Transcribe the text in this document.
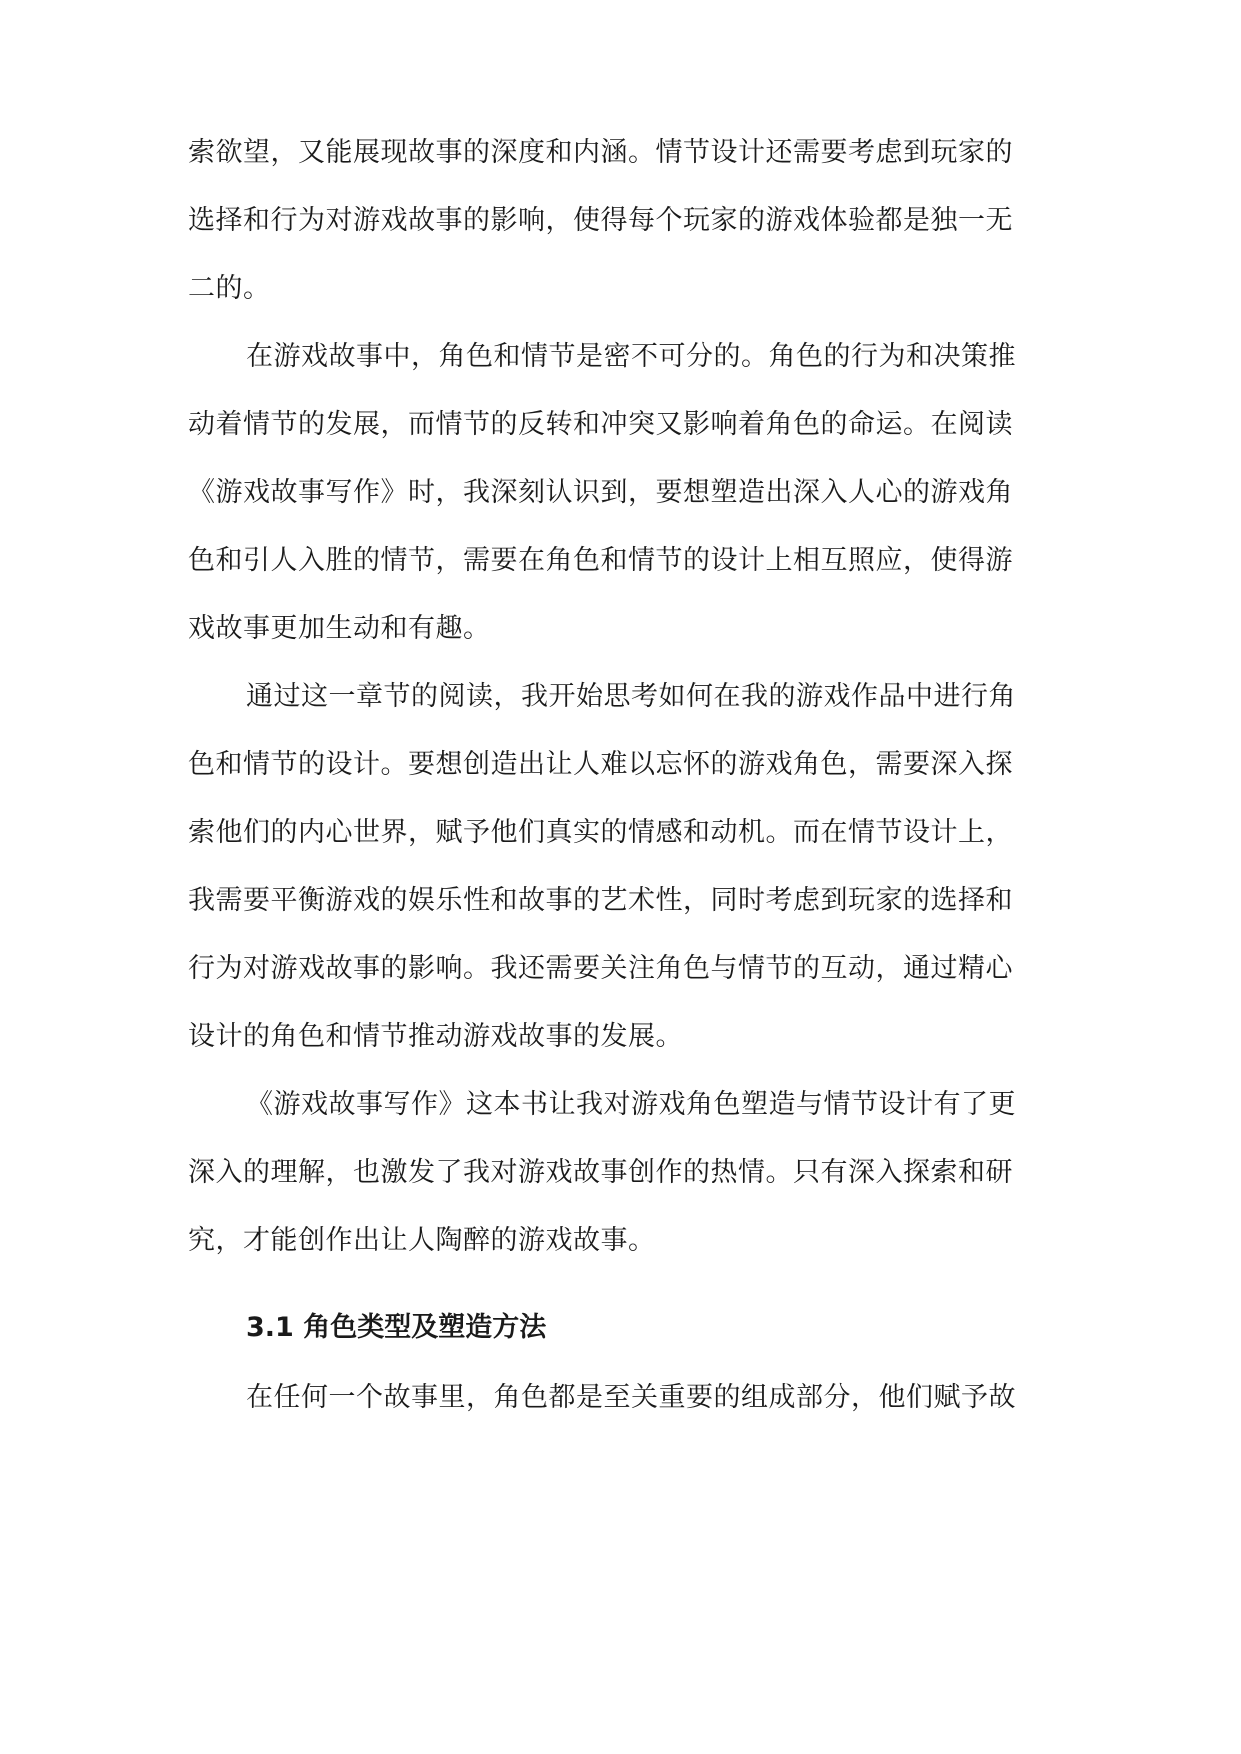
索欲望，又能展现故事的深度和内涵。情节设计还需要考虑到玩家的
选择和行为对游戏故事的影响，使得每个玩家的游戏体验都是独一无
二的。
在游戏故事中，角色和情节是密不可分的。角色的行为和决策推
动着情节的发展，而情节的反转和冲突又影响着角色的命运。在阅读
《游戏故事写作》时，我深刻认识到，要想塑造出深入人心的游戏角
色和引人入胜的情节，需要在角色和情节的设计上相互照应，使得游
戏故事更加生动和有趣。
通过这一章节的阅读，我开始思考如何在我的游戏作品中进行角
色和情节的设计。要想创造出让人难以忘怀的游戏角色，需要深入探
索他们的内心世界，赋予他们真实的情感和动机。而在情节设计上，
我需要平衡游戏的娱乐性和故事的艺术性，同时考虑到玩家的选择和
行为对游戏故事的影响。我还需要关注角色与情节的互动，通过精心
设计的角色和情节推动游戏故事的发展。
《游戏故事写作》这本书让我对游戏角色塑造与情节设计有了更
深入的理解，也激发了我对游戏故事创作的热情。只有深入探索和研
究，才能创作出让人陶醉的游戏故事。
3.1 角色类型及塑造方法
在任何一个故事里，角色都是至关重要的组成部分，他们赋予故
